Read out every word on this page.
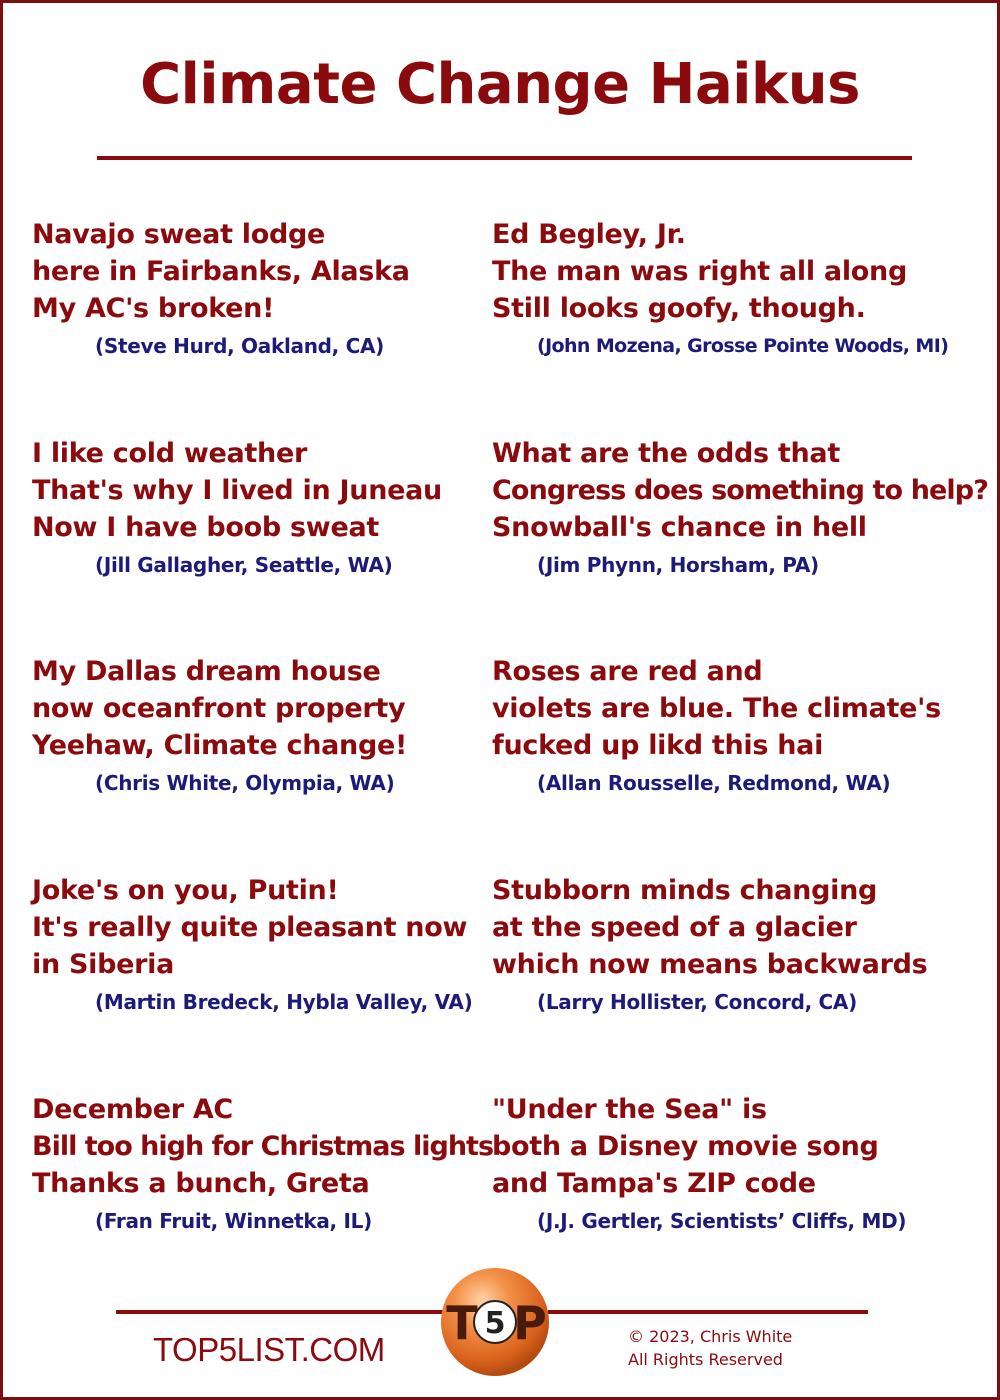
Climate Change Haikus
Navajo sweat lodge
here in Fairbanks, Alaska
My AC's broken!
(Steve Hurd, Oakland, CA)
Ed Begley, Jr.
The man was right all along
Still looks goofy, though.
(John Mozena, Grosse Pointe Woods, MI)
I like cold weather
That's why I lived in Juneau
Now I have boob sweat
(Jill Gallagher, Seattle, WA)
What are the odds that
Congress does something to help?
Snowball's chance in hell
(Jim Phynn, Horsham, PA)
My Dallas dream house
now oceanfront property
Yeehaw, Climate change!
(Chris White, Olympia, WA)
Roses are red and
violets are blue. The climate's
fucked up likd this hai
(Allan Rousselle, Redmond, WA)
Joke's on you, Putin!
It's really quite pleasant now
in Siberia
(Martin Bredeck, Hybla Valley, VA)
Stubborn minds changing
at the speed of a glacier
which now means backwards
(Larry Hollister, Concord, CA)
December AC
Bill too high for Christmas lights
Thanks a bunch, Greta
(Fran Fruit, Winnetka, IL)
"Under the Sea" is
both a Disney movie song
and Tampa's ZIP code
(J.J. Gertler, Scientists’ Cliffs, MD)
TOP5LIST.COM
5
T P	© 2023, Chris White
All Rights Reserved
